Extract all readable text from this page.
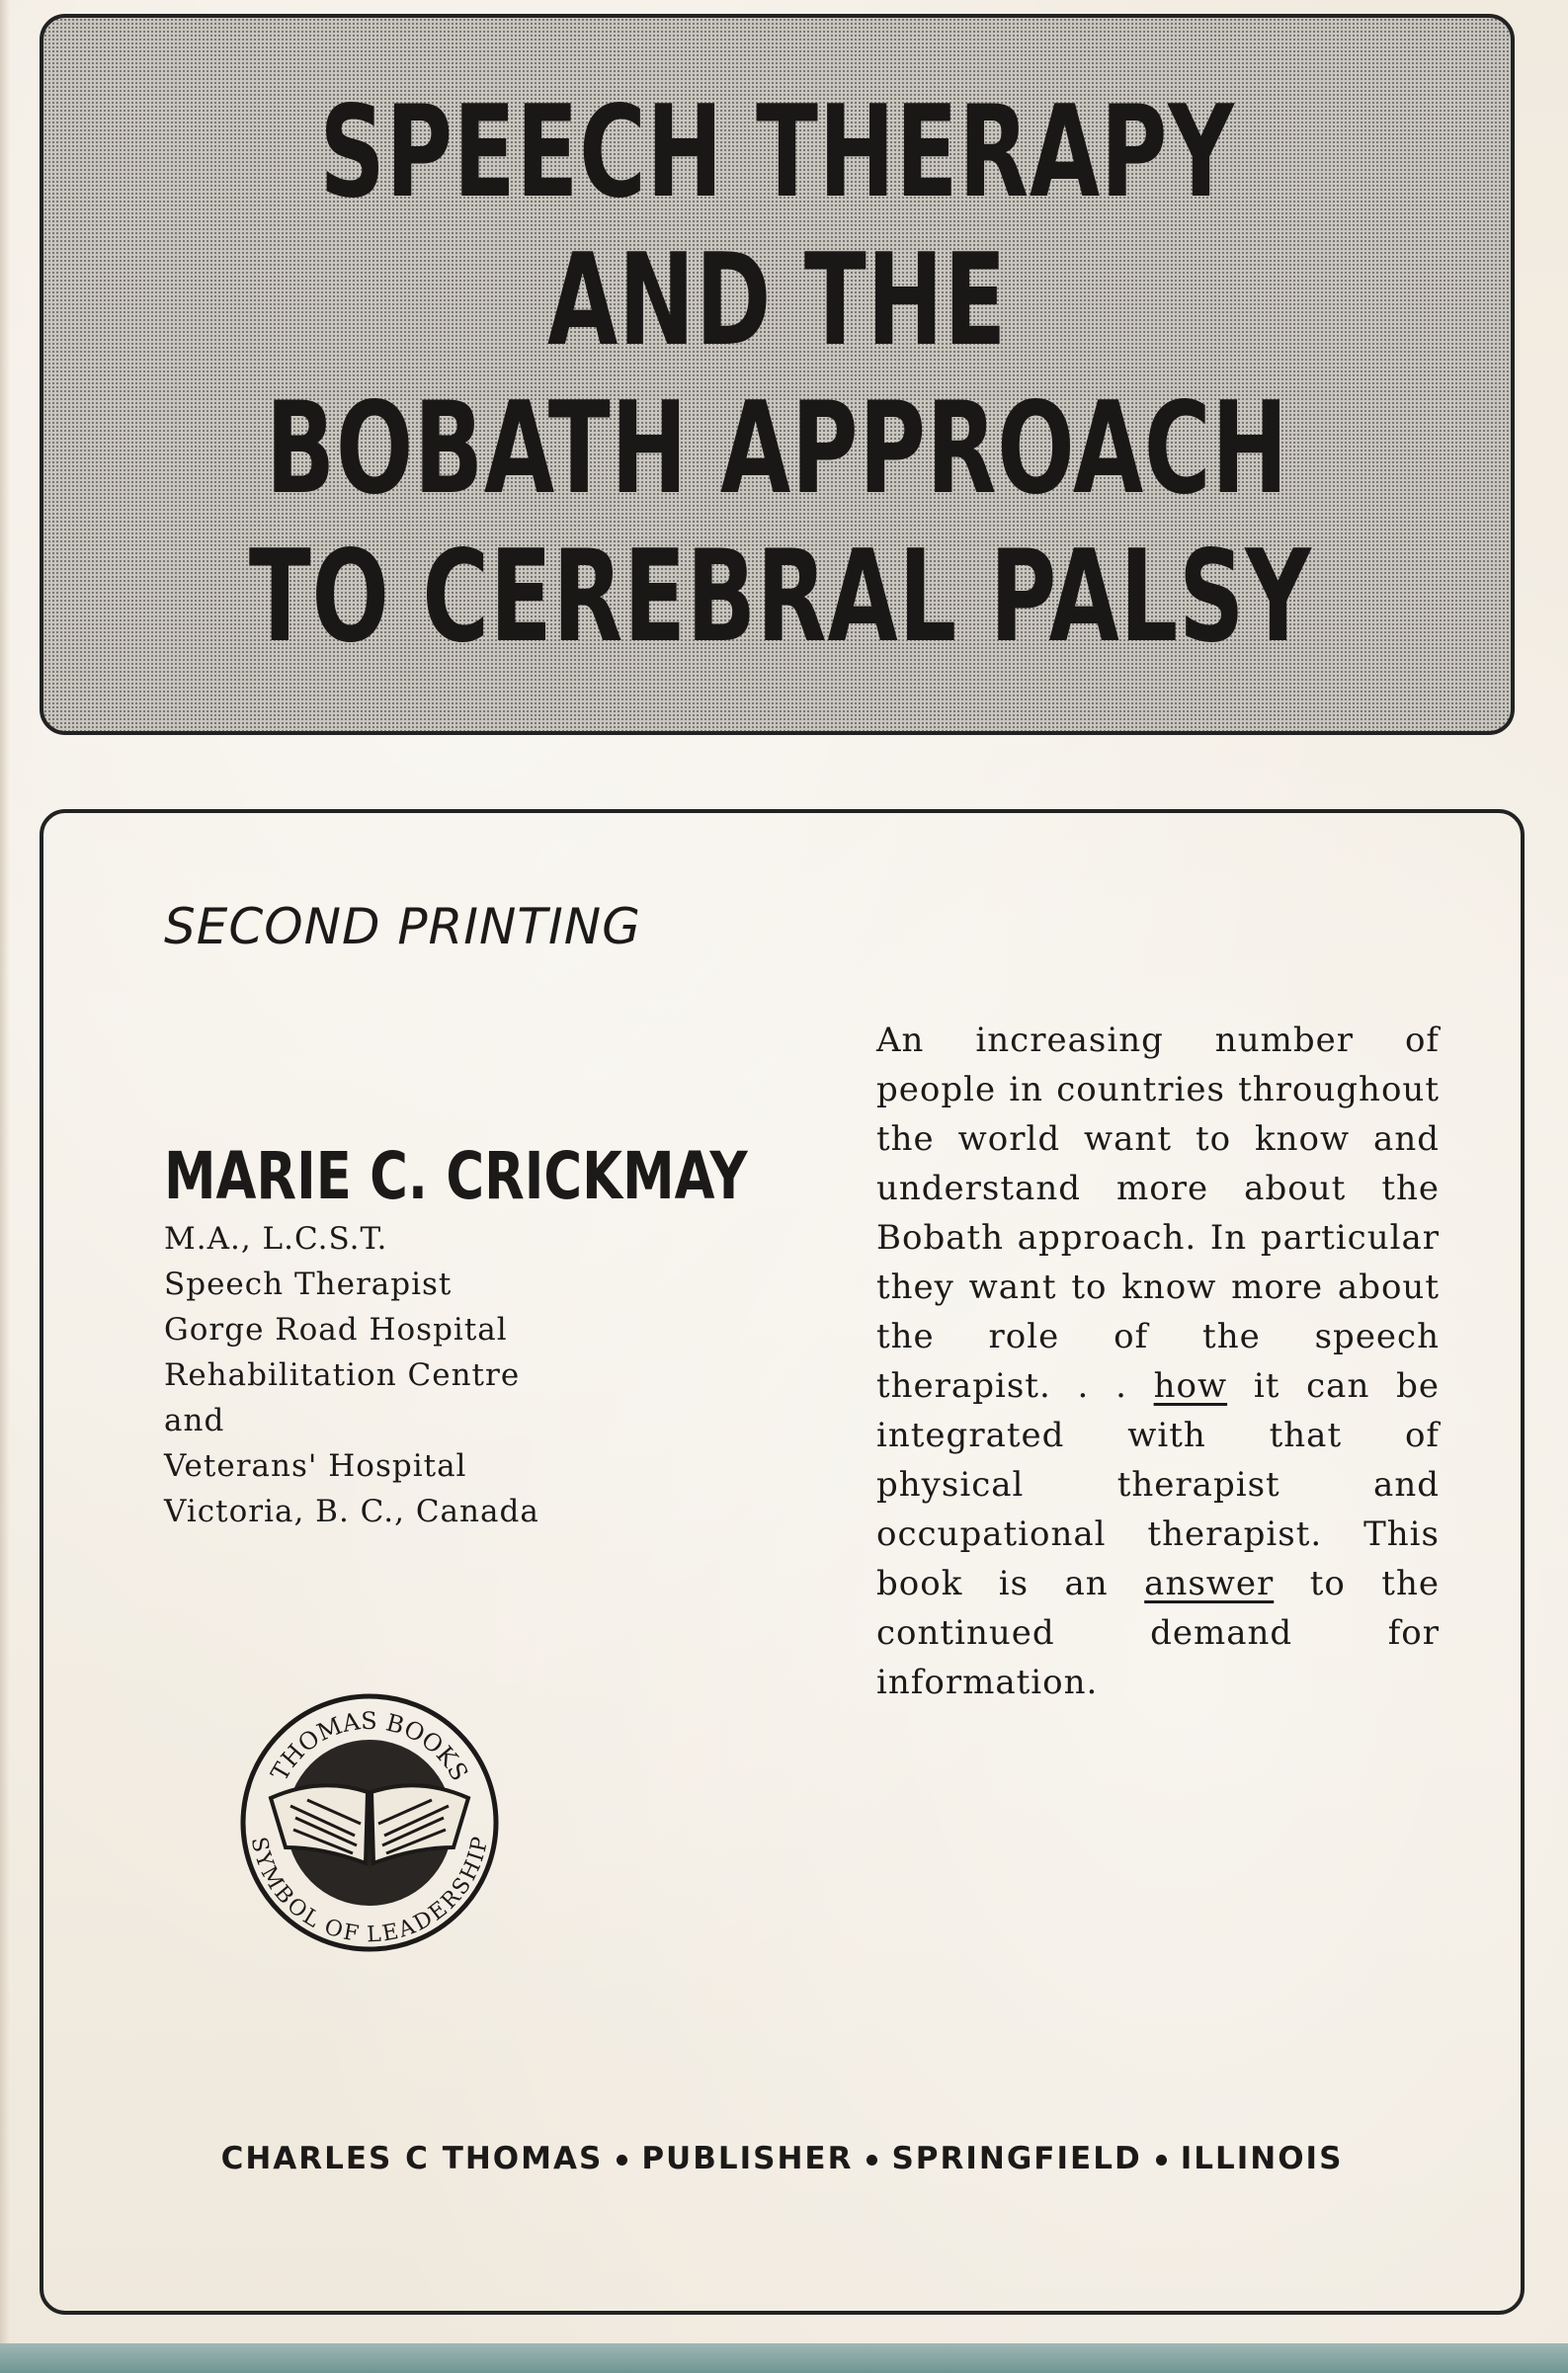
SPEECH THERAPY
AND THE
BOBATH APPROACH
TO CEREBRAL PALSY
SECOND PRINTING
MARIE C. CRICKMAY
M.A., L.C.S.T.
Speech Therapist
Gorge Road Hospital
Rehabilitation Centre
and
Veterans' Hospital
Victoria, B. C., Canada
An increasing number of people in countries throughout the world want to know and understand more about the Bobath approach. In particular they want to know more about the role of the speech therapist. . . how it can be integrated with that of physical therapist and occupational therapist. This book is an answer to the continued demand for information.
THOMAS BOOKS
SYMBOL OF LEADERSHIP
CHARLES C THOMAS PUBLISHER SPRINGFIELD ILLINOIS
